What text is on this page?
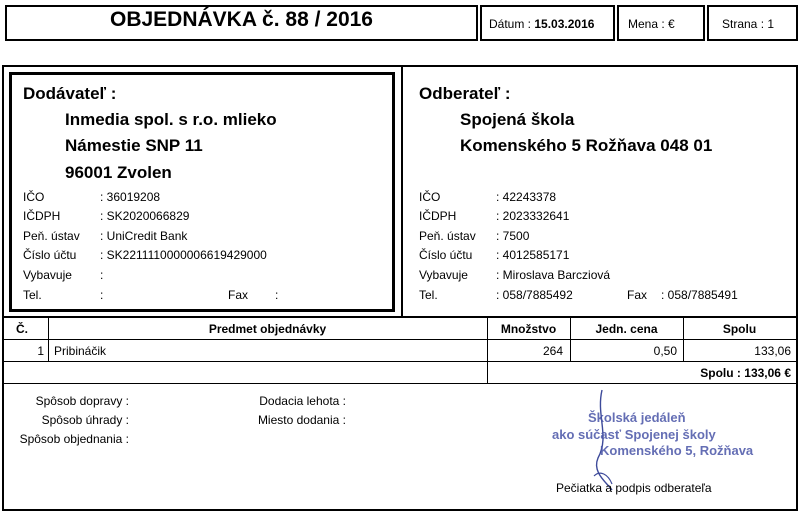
OBJEDNÁVKA č. 88 / 2016	Dátum : 15.03.2016	Mena : €	Strana : 1
Dodávateľ :
Inmedia spol. s r.o. mlieko
Námestie SNP 11
96001 Zvolen
IČO	: 36019208
IČDPH	: SK2020066829
Peň. ústav : UniCredit Bank
Číslo účtu : SK2211110000006619429000
Vybavuje :
Tel.	:	Fax :
Odberateľ :
Spojená škola
Komenského 5 Rožňava 048 01
IČO	: 42243378
IČDPH	: 2023332641
Peň. ústav : 7500
Číslo účtu : 4012585171
Vybavuje : Miroslava Barcziová
Tel.	: 058/7885492	Fax : 058/7885491
Č.	Predmet objednávky	Množstvo	Jedn. cena	Spolu
1 Pribináčik	264	0,50	133,06
Spolu : 133,06 €
Spôsob dopravy :
Spôsob úhrady :
Spôsob objednania :
Dodacia lehota :
Miesto dodania :	Školská jedáleň
ako súčasť Spojenej školy
Komenského 5, Rožňava
Pečiatka a podpis odberateľa
